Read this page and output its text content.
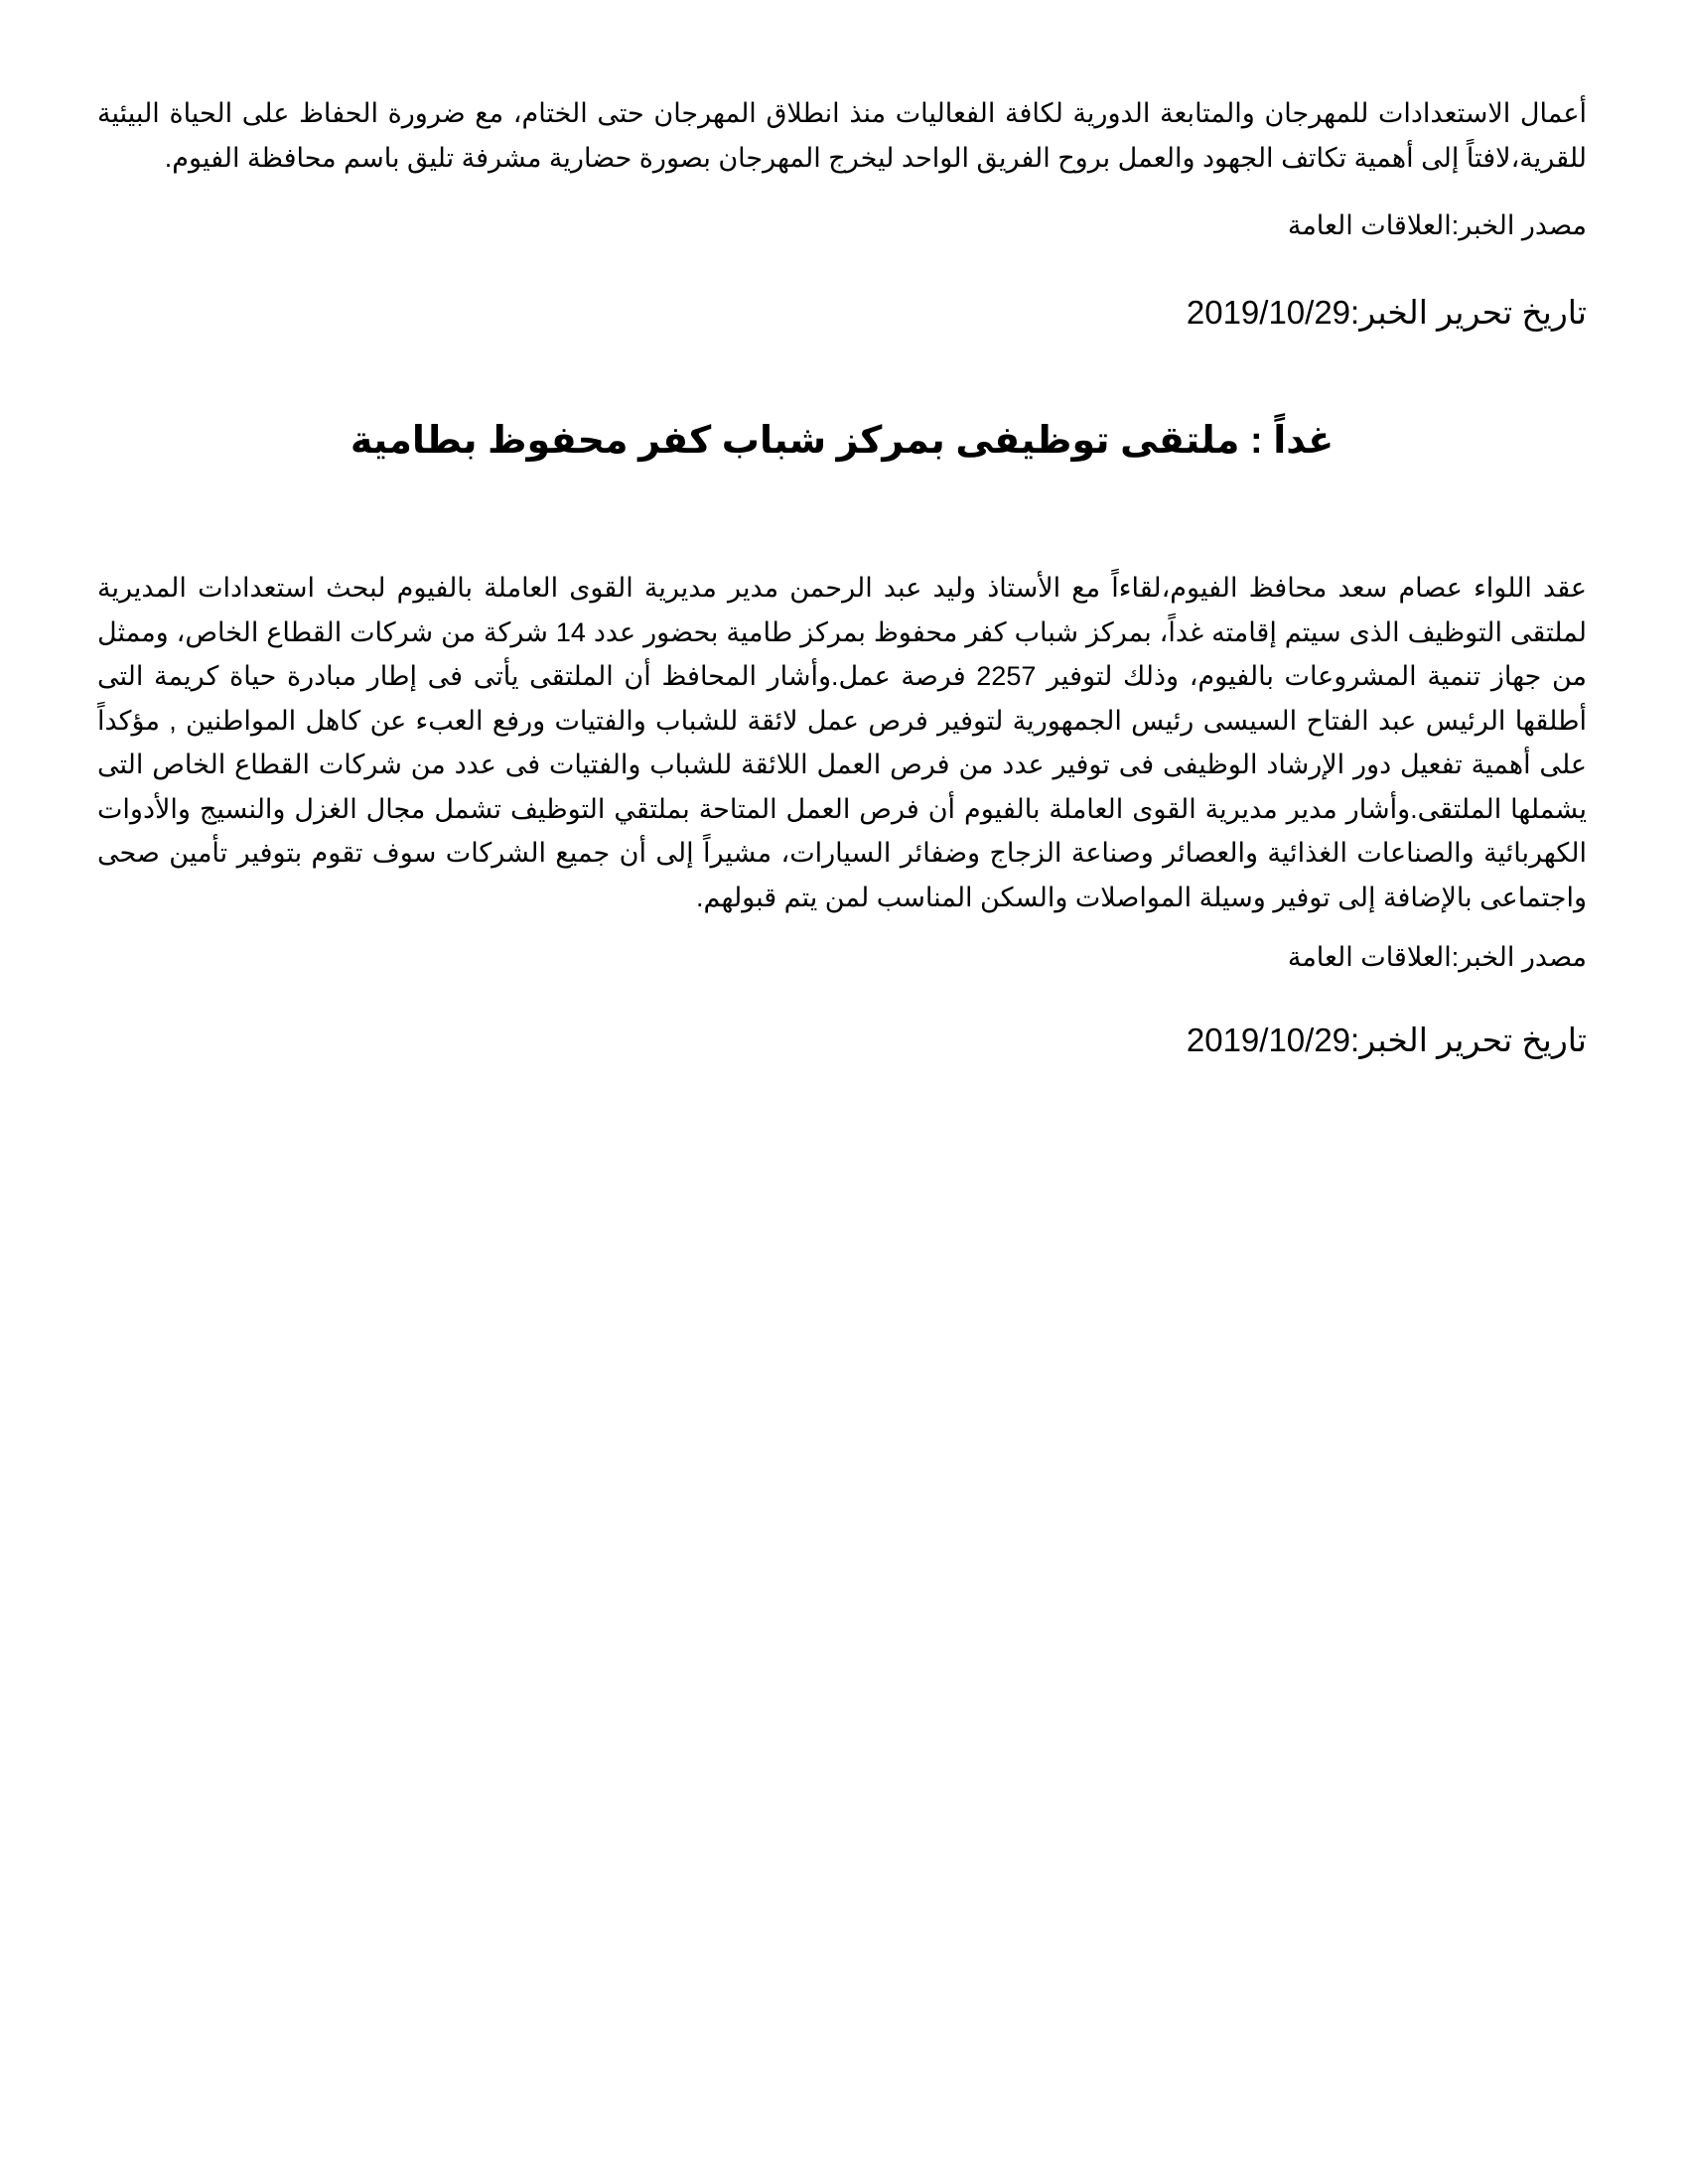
أعمال الاستعدادات للمهرجان والمتابعة الدورية لكافة الفعاليات منذ انطلاق المهرجان حتى الختام، مع ضرورة الحفاظ على الحياة البيئية للقرية،لافتاً إلى أهمية تكاتف الجهود والعمل بروح الفريق الواحد ليخرج المهرجان بصورة حضارية مشرفة تليق باسم محافظة الفيوم.

مصدر الخبر:العلاقات العامة

تاريخ تحرير الخبر:2019/10/29

غداً : ملتقى توظيفى بمركز شباب كفر محفوظ بطامية

عقد اللواء عصام سعد محافظ الفيوم،لقاءاً مع الأستاذ وليد عبد الرحمن مدير مديرية القوى العاملة بالفيوم لبحث استعدادات المديرية لملتقى التوظيف الذى سيتم إقامته غداً، بمركز شباب كفر محفوظ بمركز طامية بحضور عدد 14 شركة من شركات القطاع الخاص، وممثل من جهاز تنمية المشروعات بالفيوم، وذلك لتوفير 2257 فرصة عمل.وأشار المحافظ أن الملتقى يأتى فى إطار مبادرة حياة كريمة التى أطلقها الرئيس عبد الفتاح السيسى رئيس الجمهورية لتوفير فرص عمل لائقة للشباب والفتيات ورفع العبء عن كاهل المواطنين , مؤكداً على أهمية تفعيل دور الإرشاد الوظيفى فى توفير عدد من فرص العمل اللائقة للشباب والفتيات فى عدد من شركات القطاع الخاص التى يشملها الملتقى.وأشار مدير مديرية القوى العاملة بالفيوم أن فرص العمل المتاحة بملتقي التوظيف تشمل مجال الغزل والنسيج والأدوات الكهربائية والصناعات الغذائية والعصائر وصناعة الزجاج وضفائر السيارات، مشيراً إلى أن جميع الشركات سوف تقوم بتوفير تأمين صحى واجتماعى بالإضافة إلى توفير وسيلة المواصلات والسكن المناسب لمن يتم قبولهم.

مصدر الخبر:العلاقات العامة

تاريخ تحرير الخبر:2019/10/29
